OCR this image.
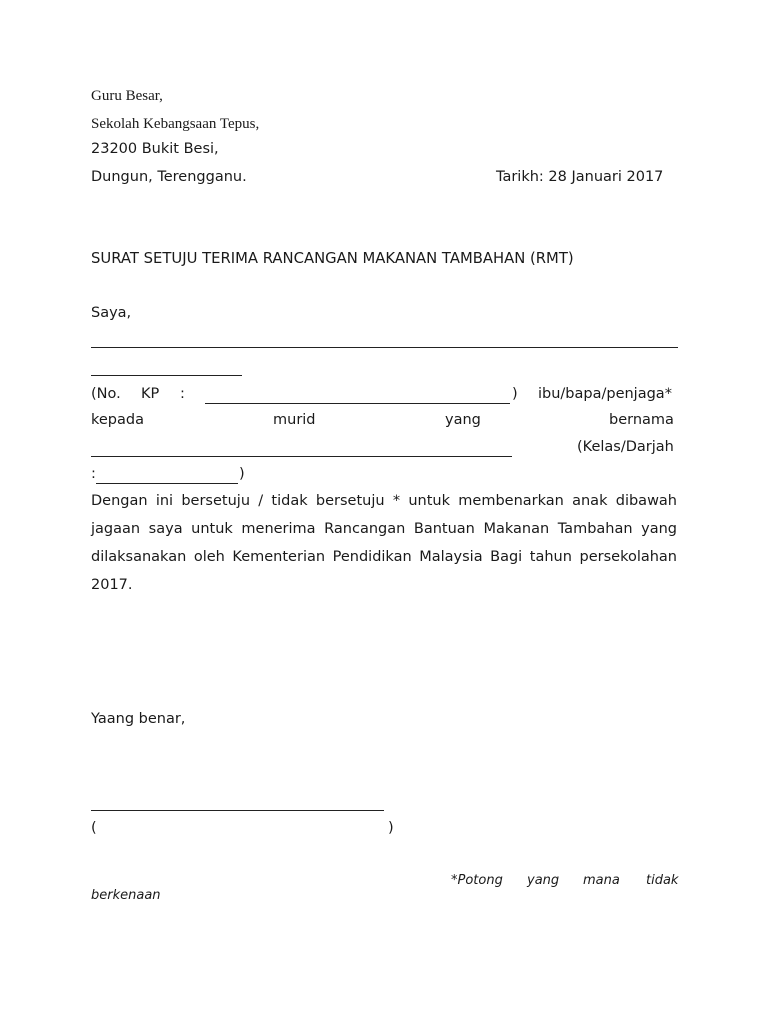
Guru Besar,
Sekolah Kebangsaan Tepus,
23200 Bukit Besi,
Dungun, Terengganu.	Tarikh: 28 Januari 2017
SURAT SETUJU TERIMA RANCANGAN MAKANAN TAMBAHAN (RMT)
Saya,
(No. KP :	) ibu/bapa/penjaga*
kepada	murid	yang	bernama
(Kelas/Darjah
:	)
Dengan ini bersetuju / tidak bersetuju * untuk membenarkan anak dibawah jagaan saya untuk menerima Rancangan Bantuan Makanan Tambahan yang dilaksanakan oleh Kementerian Pendidikan Malaysia Bagi tahun persekolahan 2017.
Yaang benar,
(	)
*Potong yang mana tidak
berkenaan
